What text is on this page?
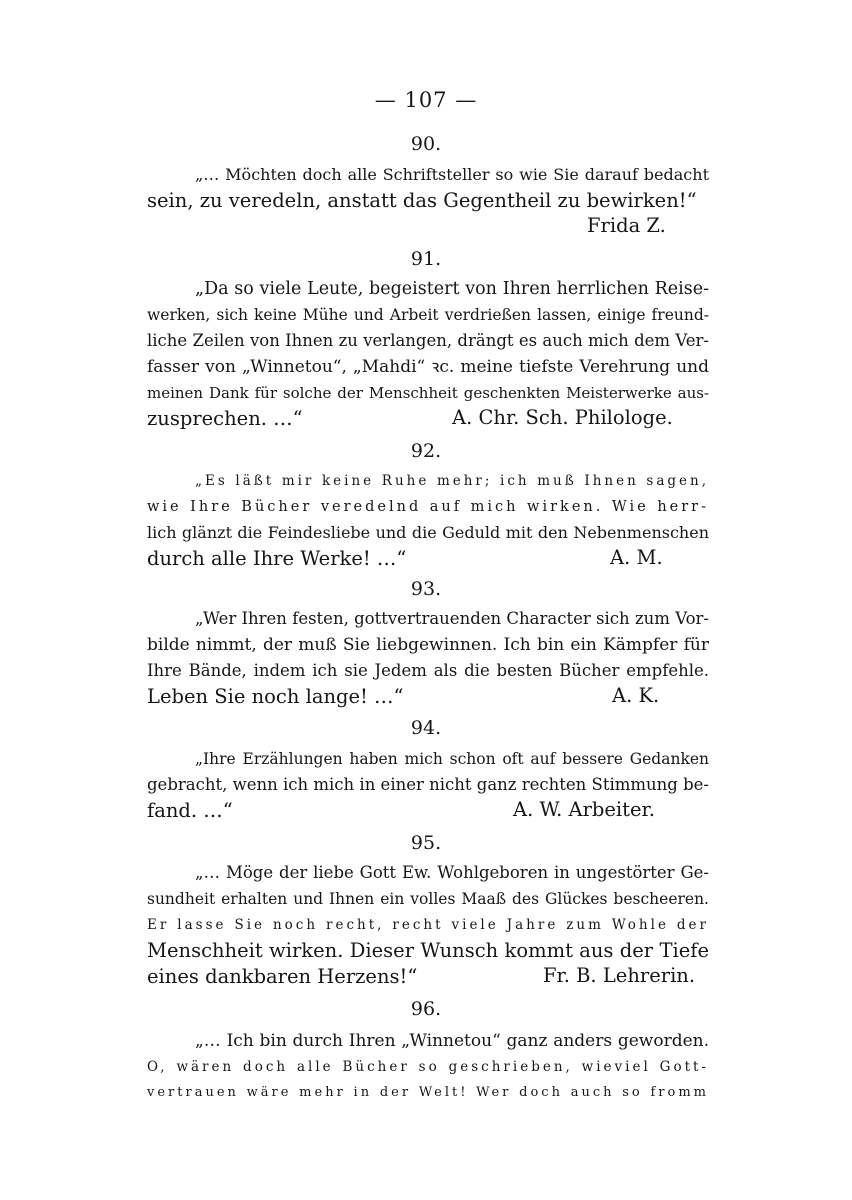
— 107 —
90.
„… Möchten doch alle Schriftsteller so wie Sie darauf bedacht
sein, zu veredeln, anstatt das Gegentheil zu bewirken!“
Frida Z.
91.
„Da so viele Leute, begeistert von Ihren herrlichen Reise-
werken, sich keine Mühe und Arbeit verdrießen lassen, einige freund-
liche Zeilen von Ihnen zu verlangen, drängt es auch mich dem Ver-
fasser von „Winnetou“, „Mahdi“ ꝛc. meine tiefste Verehrung und
meinen Dank für solche der Menschheit geschenkten Meisterwerke aus-
zusprechen. …“	A. Chr. Sch. Philologe.
92.
„Es läßt mir keine Ruhe mehr; ich muß Ihnen sagen,
wie Ihre Bücher veredelnd auf mich wirken. Wie herr-
lich glänzt die Feindesliebe und die Geduld mit den Nebenmenschen
durch alle Ihre Werke! …“	A. M.
93.
„Wer Ihren festen, gottvertrauenden Character sich zum Vor-
bilde nimmt, der muß Sie liebgewinnen. Ich bin ein Kämpfer für
Ihre Bände, indem ich sie Jedem als die besten Bücher empfehle.
Leben Sie noch lange! …“	A. K.
94.
„Ihre Erzählungen haben mich schon oft auf bessere Gedanken
gebracht, wenn ich mich in einer nicht ganz rechten Stimmung be-
fand. …“	A. W. Arbeiter.
95.
„… Möge der liebe Gott Ew. Wohlgeboren in ungestörter Ge-
sundheit erhalten und Ihnen ein volles Maaß des Glückes bescheeren.
Er lasse Sie noch recht, recht viele Jahre zum Wohle der
Menschheit wirken. Dieser Wunsch kommt aus der Tiefe
eines dankbaren Herzens!“	Fr. B. Lehrerin.
96.
„… Ich bin durch Ihren „Winnetou“ ganz anders geworden.
O, wären doch alle Bücher so geschrieben, wieviel Gott-
vertrauen wäre mehr in der Welt! Wer doch auch so fromm
